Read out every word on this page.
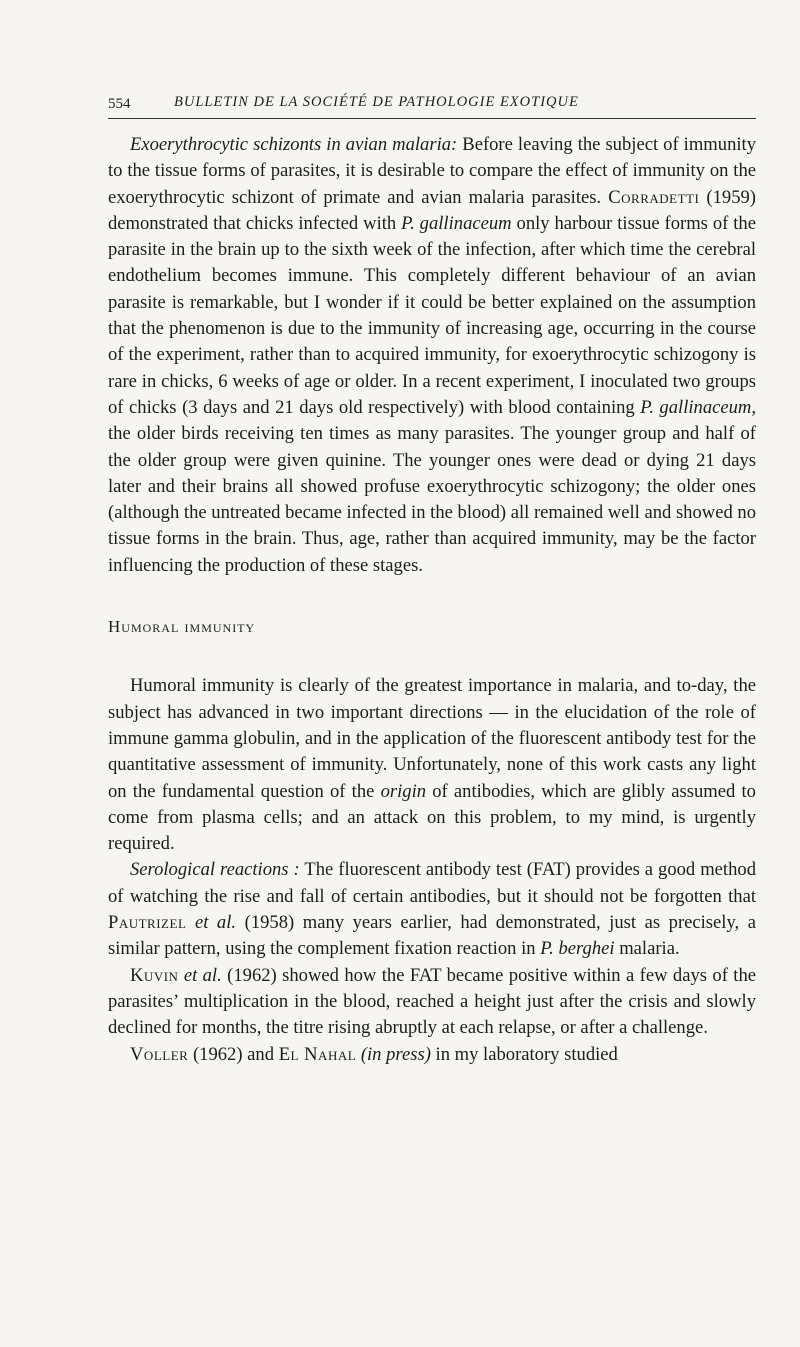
554	BULLETIN DE LA SOCIÉTÉ DE PATHOLOGIE EXOTIQUE

Exoerythrocytic schizonts in avian malaria: Before leaving the subject of immunity to the tissue forms of parasites, it is desirable to compare the effect of immunity on the exoerythrocytic schizont of primate and avian malaria parasites. Corradetti (1959) demonstrated that chicks infected with P. gallinaceum only harbour tissue forms of the parasite in the brain up to the sixth week of the infection, after which time the cerebral endothelium becomes immune. This completely different behaviour of an avian parasite is remarkable, but I wonder if it could be better explained on the assumption that the phenomenon is due to the immunity of increasing age, occurring in the course of the experiment, rather than to acquired immunity, for exoerythrocytic schizogony is rare in chicks, 6 weeks of age or older. In a recent experiment, I inoculated two groups of chicks (3 days and 21 days old respectively) with blood containing P. gallinaceum, the older birds receiving ten times as many parasites. The younger group and half of the older group were given quinine. The younger ones were dead or dying 21 days later and their brains all showed profuse exoerythrocytic schizogony; the older ones (although the untreated became infected in the blood) all remained well and showed no tissue forms in the brain. Thus, age, rather than acquired immunity, may be the factor influencing the production of these stages.

Humoral immunity

Humoral immunity is clearly of the greatest importance in malaria, and to-day, the subject has advanced in two important directions — in the elucidation of the role of immune gamma globulin, and in the application of the fluorescent antibody test for the quantitative assessment of immunity. Unfortunately, none of this work casts any light on the fundamental question of the origin of antibodies, which are glibly assumed to come from plasma cells; and an attack on this problem, to my mind, is urgently required.

Serological reactions : The fluorescent antibody test (FAT) provides a good method of watching the rise and fall of certain antibodies, but it should not be forgotten that Pautrizel et al. (1958) many years earlier, had demonstrated, just as precisely, a similar pattern, using the complement fixation reaction in P. berghei malaria.

Kuvin et al. (1962) showed how the FAT became positive within a few days of the parasites’ multiplication in the blood, reached a height just after the crisis and slowly declined for months, the titre rising abruptly at each relapse, or after a challenge.

Voller (1962) and El Nahal (in press) in my laboratory studied
